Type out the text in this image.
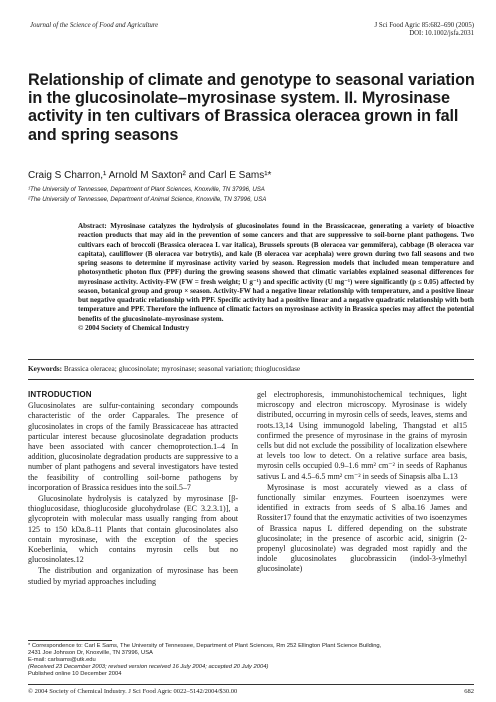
Journal of the Science of Food and Agriculture	J Sci Food Agric 85:682–690 (2005)
DOI: 10.1002/jsfa.2031
Relationship of climate and genotype to seasonal variation in the glucosinolate–myrosinase system. II. Myrosinase activity in ten cultivars of Brassica oleracea grown in fall and spring seasons
Craig S Charron,¹ Arnold M Saxton² and Carl E Sams¹*
¹The University of Tennessee, Department of Plant Sciences, Knoxville, TN 37996, USA
²The University of Tennessee, Department of Animal Science, Knoxville, TN 37996, USA

Abstract: Myrosinase catalyzes the hydrolysis of glucosinolates found in the Brassicaceae, generating a variety of bioactive reaction products that may aid in the prevention of some cancers and that are suppressive to soil-borne plant pathogens. Two cultivars each of broccoli (Brassica oleracea L var italica), Brussels sprouts (B oleracea var gemmifera), cabbage (B oleracea var capitata), cauliflower (B oleracea var botrytis), and kale (B oleracea var acephala) were grown during two fall seasons and two spring seasons to determine if myrosinase activity varied by season. Regression models that included mean temperature and photosynthetic photon flux (PPF) during the growing seasons showed that climatic variables explained seasonal differences for myrosinase activity. Activity-FW (FW = fresh weight; U g⁻¹) and specific activity (U mg⁻¹) were significantly (p ≤ 0.05) affected by season, botanical group and group × season. Activity-FW had a negative linear relationship with temperature, and a positive linear but negative quadratic relationship with PPF. Specific activity had a positive linear and a negative quadratic relationship with both temperature and PPF. Therefore the influence of climatic factors on myrosinase activity in Brassica species may affect the potential benefits of the glucosinolate–myrosinase system.
© 2004 Society of Chemical Industry

Keywords: Brassica oleracea; glucosinolate; myrosinase; seasonal variation; thioglucosidase

INTRODUCTION

Glucosinolates are sulfur-containing secondary compounds characteristic of the order Capparales. The presence of glucosinolates in crops of the family Brassicaceae has attracted particular interest because glucosinolate degradation products have been associated with cancer chemoprotection.1–4 In addition, glucosinolate degradation products are suppressive to a number of plant pathogens and several investigators have tested the feasibility of controlling soil-borne pathogens by incorporation of Brassica residues into the soil.5–7

Glucosinolate hydrolysis is catalyzed by myrosinase [β-thioglucosidase, thioglucoside glucohydrolase (EC 3.2.3.1)], a glycoprotein with molecular mass usually ranging from about 125 to 150 kDa.8–11 Plants that contain glucosinolates also contain myrosinase, with the exception of the species Koeberlinia, which contains myrosin cells but no glucosinolates.12

The distribution and organization of myrosinase has been studied by myriad approaches including

gel electrophoresis, immunohistochemical techniques, light microscopy and electron microscopy. Myrosinase is widely distributed, occurring in myrosin cells of seeds, leaves, stems and roots.13,14 Using immunogold labeling, Thangstad et al15 confirmed the presence of myrosinase in the grains of myrosin cells but did not exclude the possibility of localization elsewhere at levels too low to detect. On a relative surface area basis, myrosin cells occupied 0.9–1.6 mm² cm⁻² in seeds of Raphanus sativus L and 4.5–6.5 mm² cm⁻² in seeds of Sinapsis alba L.13

Myrosinase is most accurately viewed as a class of functionally similar enzymes. Fourteen isoenzymes were identified in extracts from seeds of S alba.16 James and Rossiter17 found that the enzymatic activities of two isoenzymes of Brassica napus L differed depending on the substrate glucosinolate; in the presence of ascorbic acid, sinigrin (2-propenyl glucosinolate) was degraded most rapidly and the indole glucosinolates glucobrassicin (indol-3-ylmethyl glucosinolate)

* Correspondence to: Carl E Sams, The University of Tennessee, Department of Plant Sciences, Rm 252 Ellington Plant Science Building,
2431 Joe Johnson Dr, Knoxville, TN 37996, USA
E-mail: carlsams@utk.edu
(Received 23 December 2003; revised version received 16 July 2004; accepted 20 July 2004)
Published online 10 December 2004
© 2004 Society of Chemical Industry. J Sci Food Agric 0022–5142/2004/$30.00	682
